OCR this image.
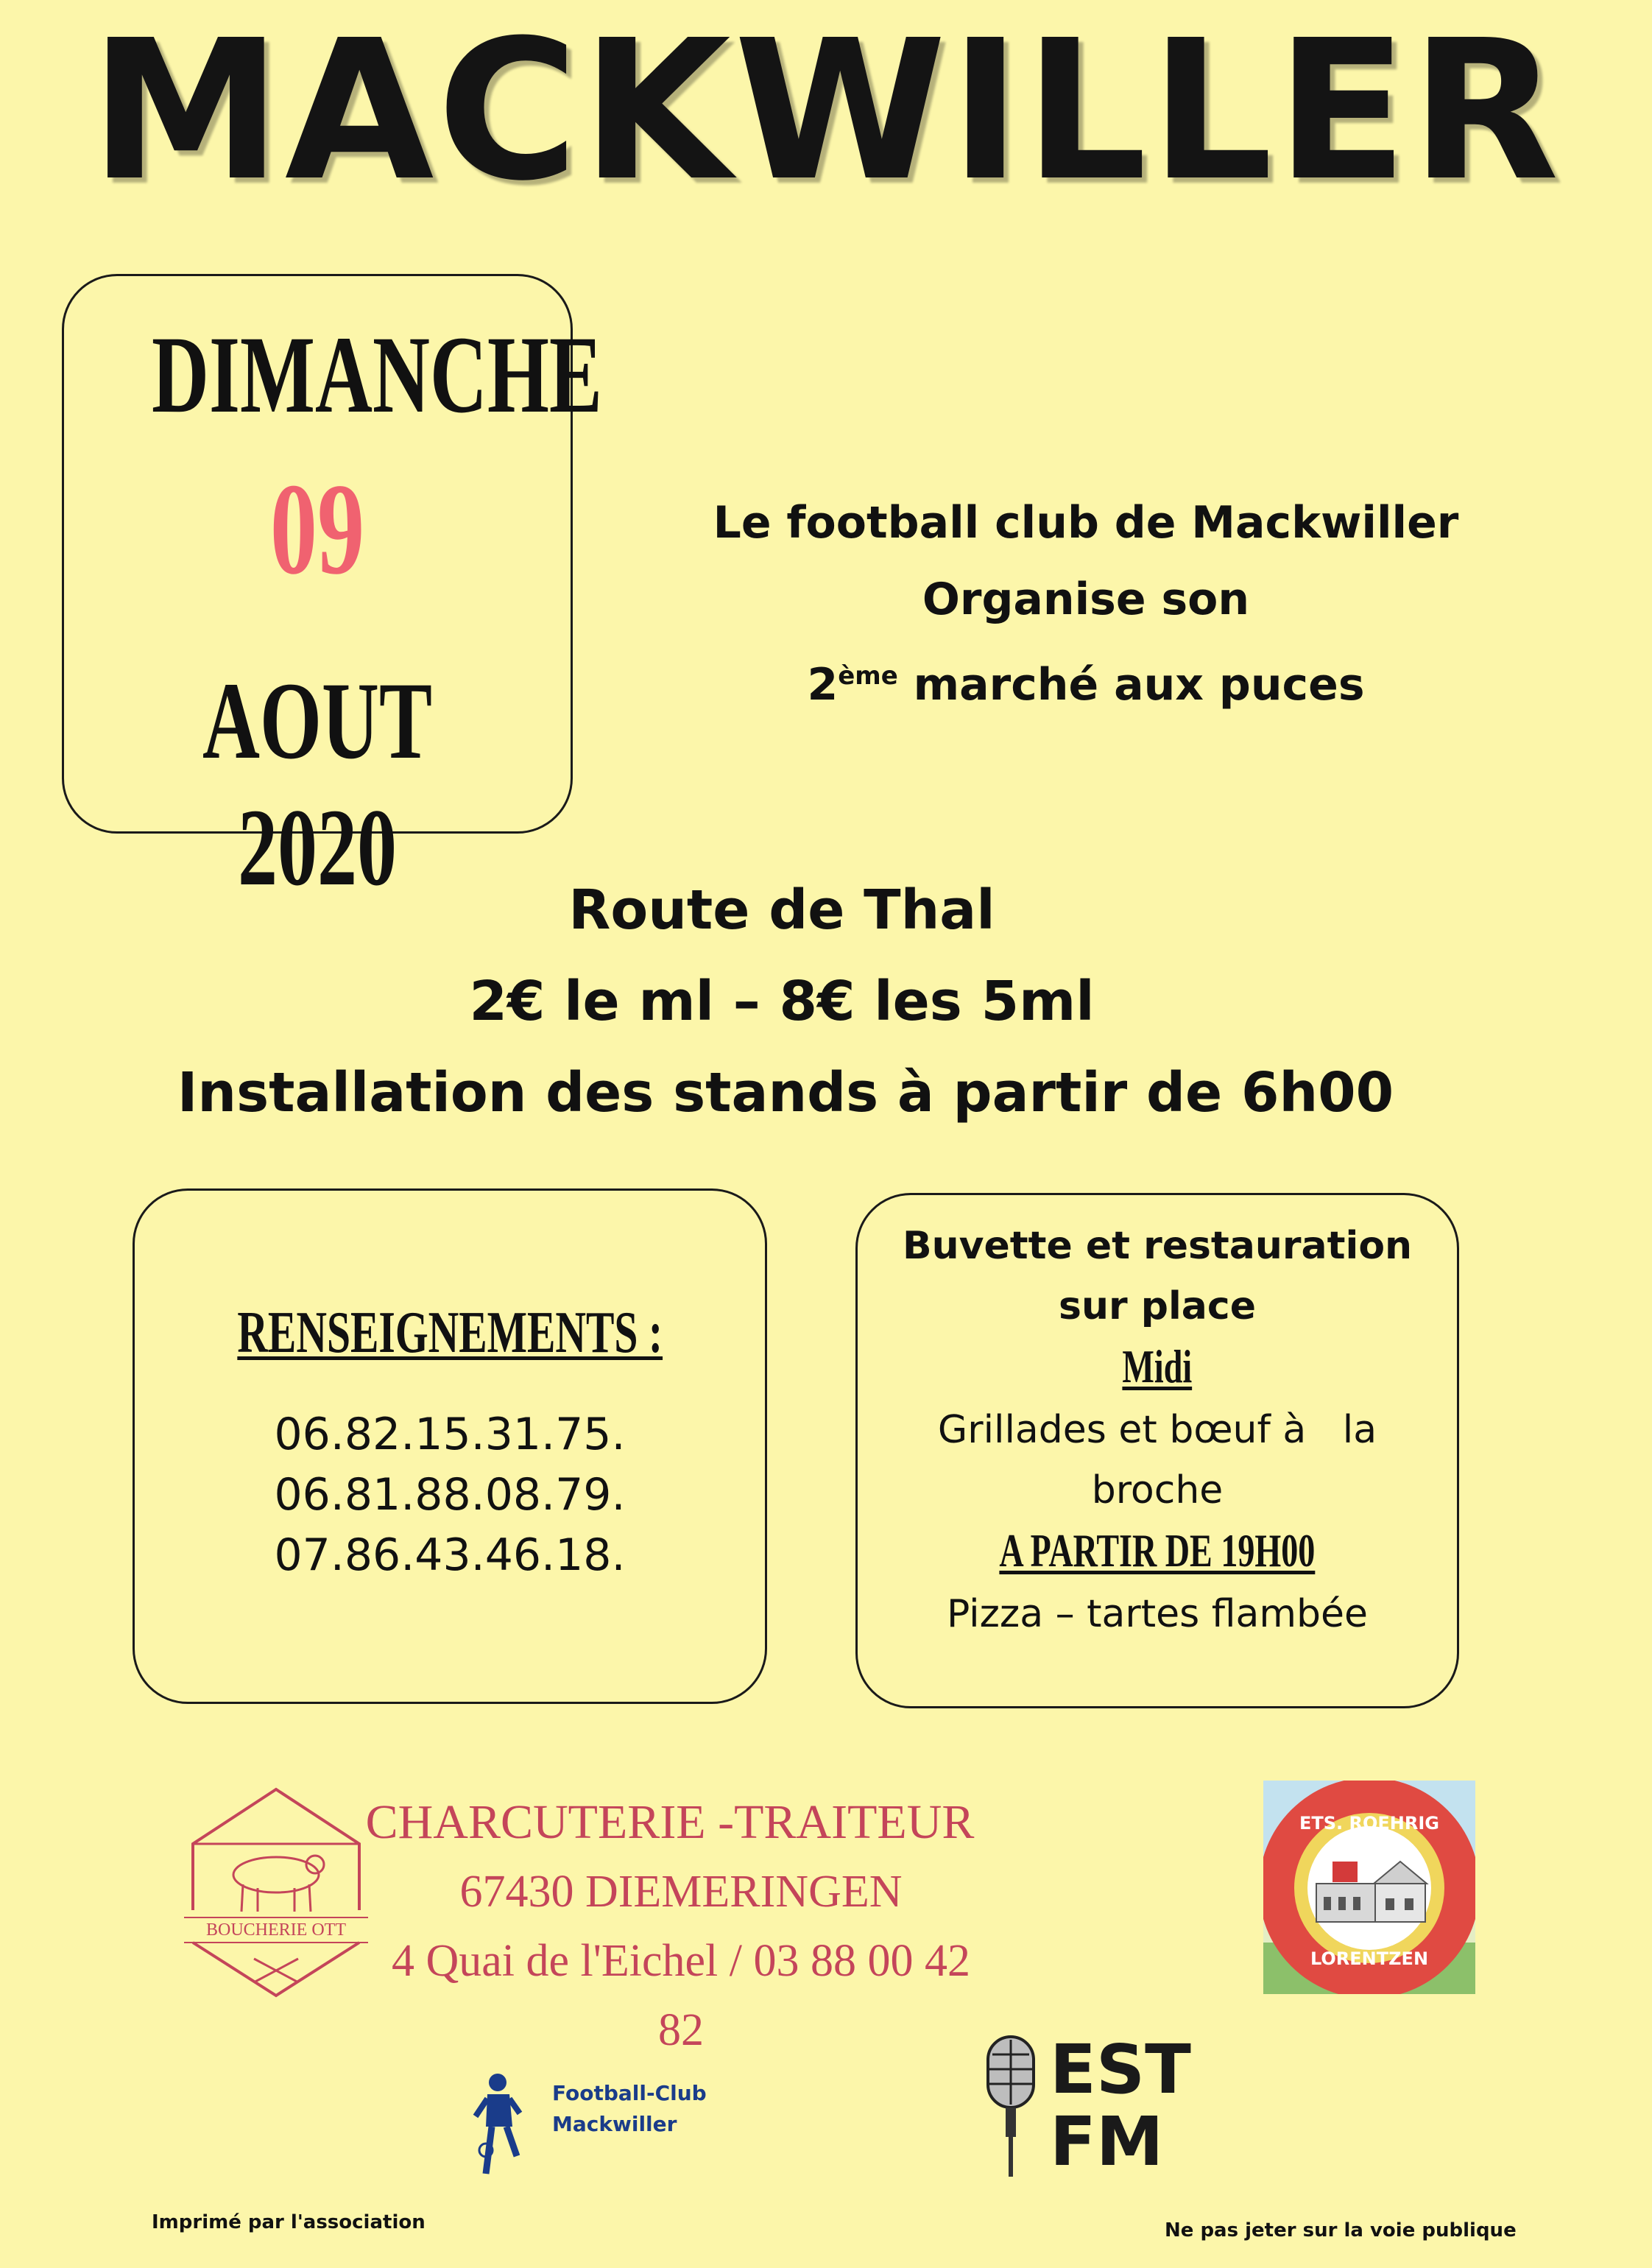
MACKWILLER
DIMANCHE
09
AOUT 2020
Le football club de Mackwiller
Organise son
2ème marché aux puces
Route de Thal
2€ le ml – 8€ les 5ml
Installation des stands à partir de 6h00
RENSEIGNEMENTS :
06.82.15.31.75.
06.81.88.08.79.
07.86.43.46.18.
Buvette et restauration
sur place
Midi
Grillades et bœuf à   la
broche
A PARTIR DE 19H00
Pizza – tartes flambée
BOUCHERIE OTT
CHARCUTERIE -TRAITEUR
67430 DIEMERINGEN
4 Quai de l'Eichel / 03 88 00 42 82
ETS. ROEHRIG
LORENTZEN
Football-Club
Mackwiller
EST
FM
Imprimé par l'association	Ne pas jeter sur la voie publique
